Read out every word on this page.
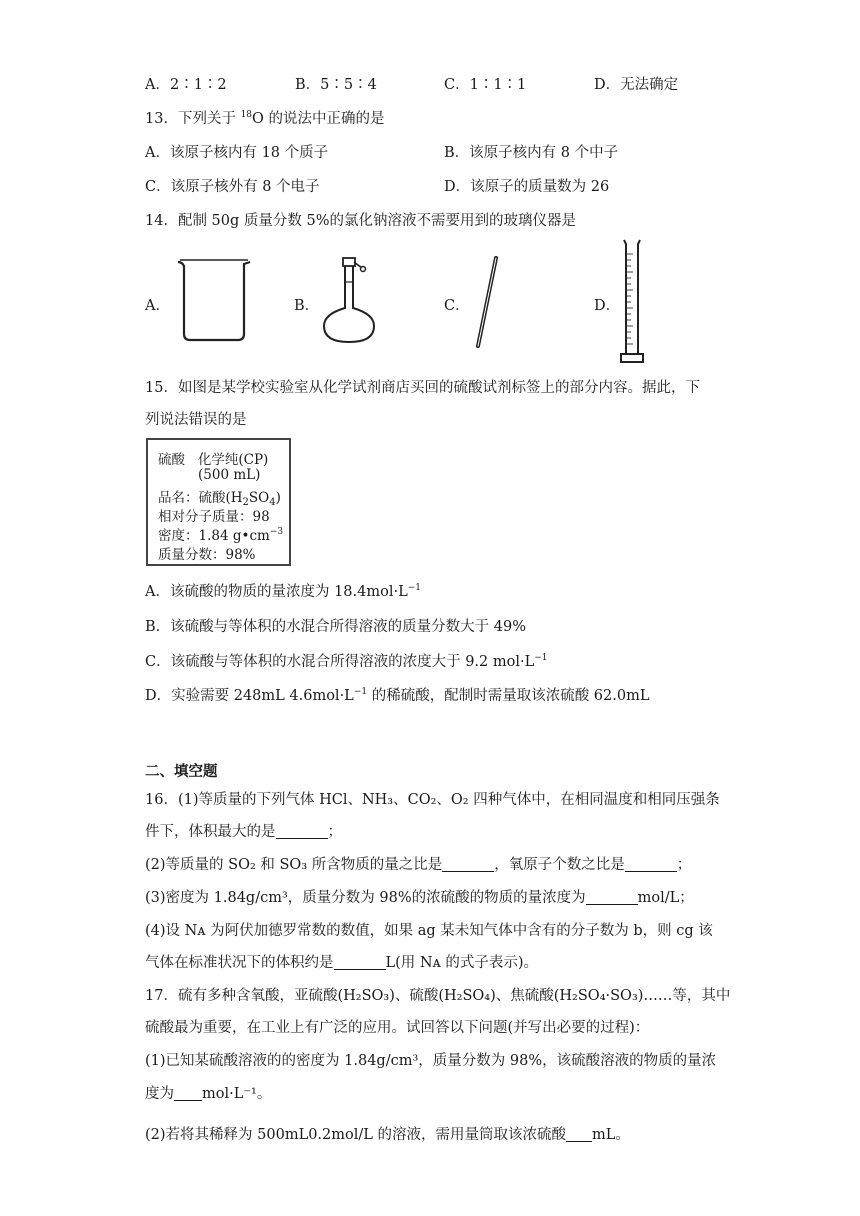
A．2∶1∶2	B．5∶5∶4	C．1∶1∶1	D．无法确定
13．下列关于 $^{18}$O 的说法中正确的是
A．该原子核内有 18 个质子	B．该原子核内有 8 个中子
C．该原子核外有 8 个电子	D．该原子的质量数为 26
14．配制 50g 质量分数 5%的氯化钠溶液不需要用到的玻璃仪器是
A．	B．	C．	D．
15．如图是某学校实验室从化学试剂商店买回的硫酸试剂标签上的部分内容。据此，下
列说法错误的是
硫酸   化学纯(CP)
(500 mL)
品名：硫酸$(H_2SO_4)$
相对分子质量：98
密度：1.84 $g•cm^{-3}$
质量分数：98%
A．该硫酸的物质的量浓度为 $18.4mol\cdot L^{-1}$
B．该硫酸与等体积的水混合所得溶液的质量分数大于 49%
C．该硫酸与等体积的水混合所得溶液的浓度大于 9.2 $mol\cdot L^{-1}$
D．实验需要 248mL $4.6mol\cdot L^{-1}$ 的稀硫酸，配制时需量取该浓硫酸 62.0mL
二、填空题
16．(1)等质量的下列气体 HCl、NH₃、CO₂、O₂ 四种气体中，在相同温度和相同压强条
件下，体积最大的是	；
(2)等质量的 SO₂ 和 SO₃ 所含物质的量之比是	，氧原子个数之比是	；
(3)密度为 1.84g/cm³，质量分数为 98%的浓硫酸的物质的量浓度为	mol/L；
(4)设 Nᴀ 为阿伏加德罗常数的数值，如果 ag 某未知气体中含有的分子数为 b，则 cg 该
气体在标准状况下的体积约是	L(用 Nᴀ 的式子表示)。
17．硫有多种含氧酸，亚硫酸(H₂SO₃)、硫酸(H₂SO₄)、焦硫酸(H₂SO₄·SO₃)……等，其中
硫酸最为重要，在工业上有广泛的应用。试回答以下问题(并写出必要的过程)：
(1)已知某硫酸溶液的的密度为 1.84g/cm³，质量分数为 98%，该硫酸溶液的物质的量浓
度为 mol·L⁻¹。
(2)若将其稀释为 500mL0.2mol/L 的溶液，需用量筒取该浓硫酸 mL。
